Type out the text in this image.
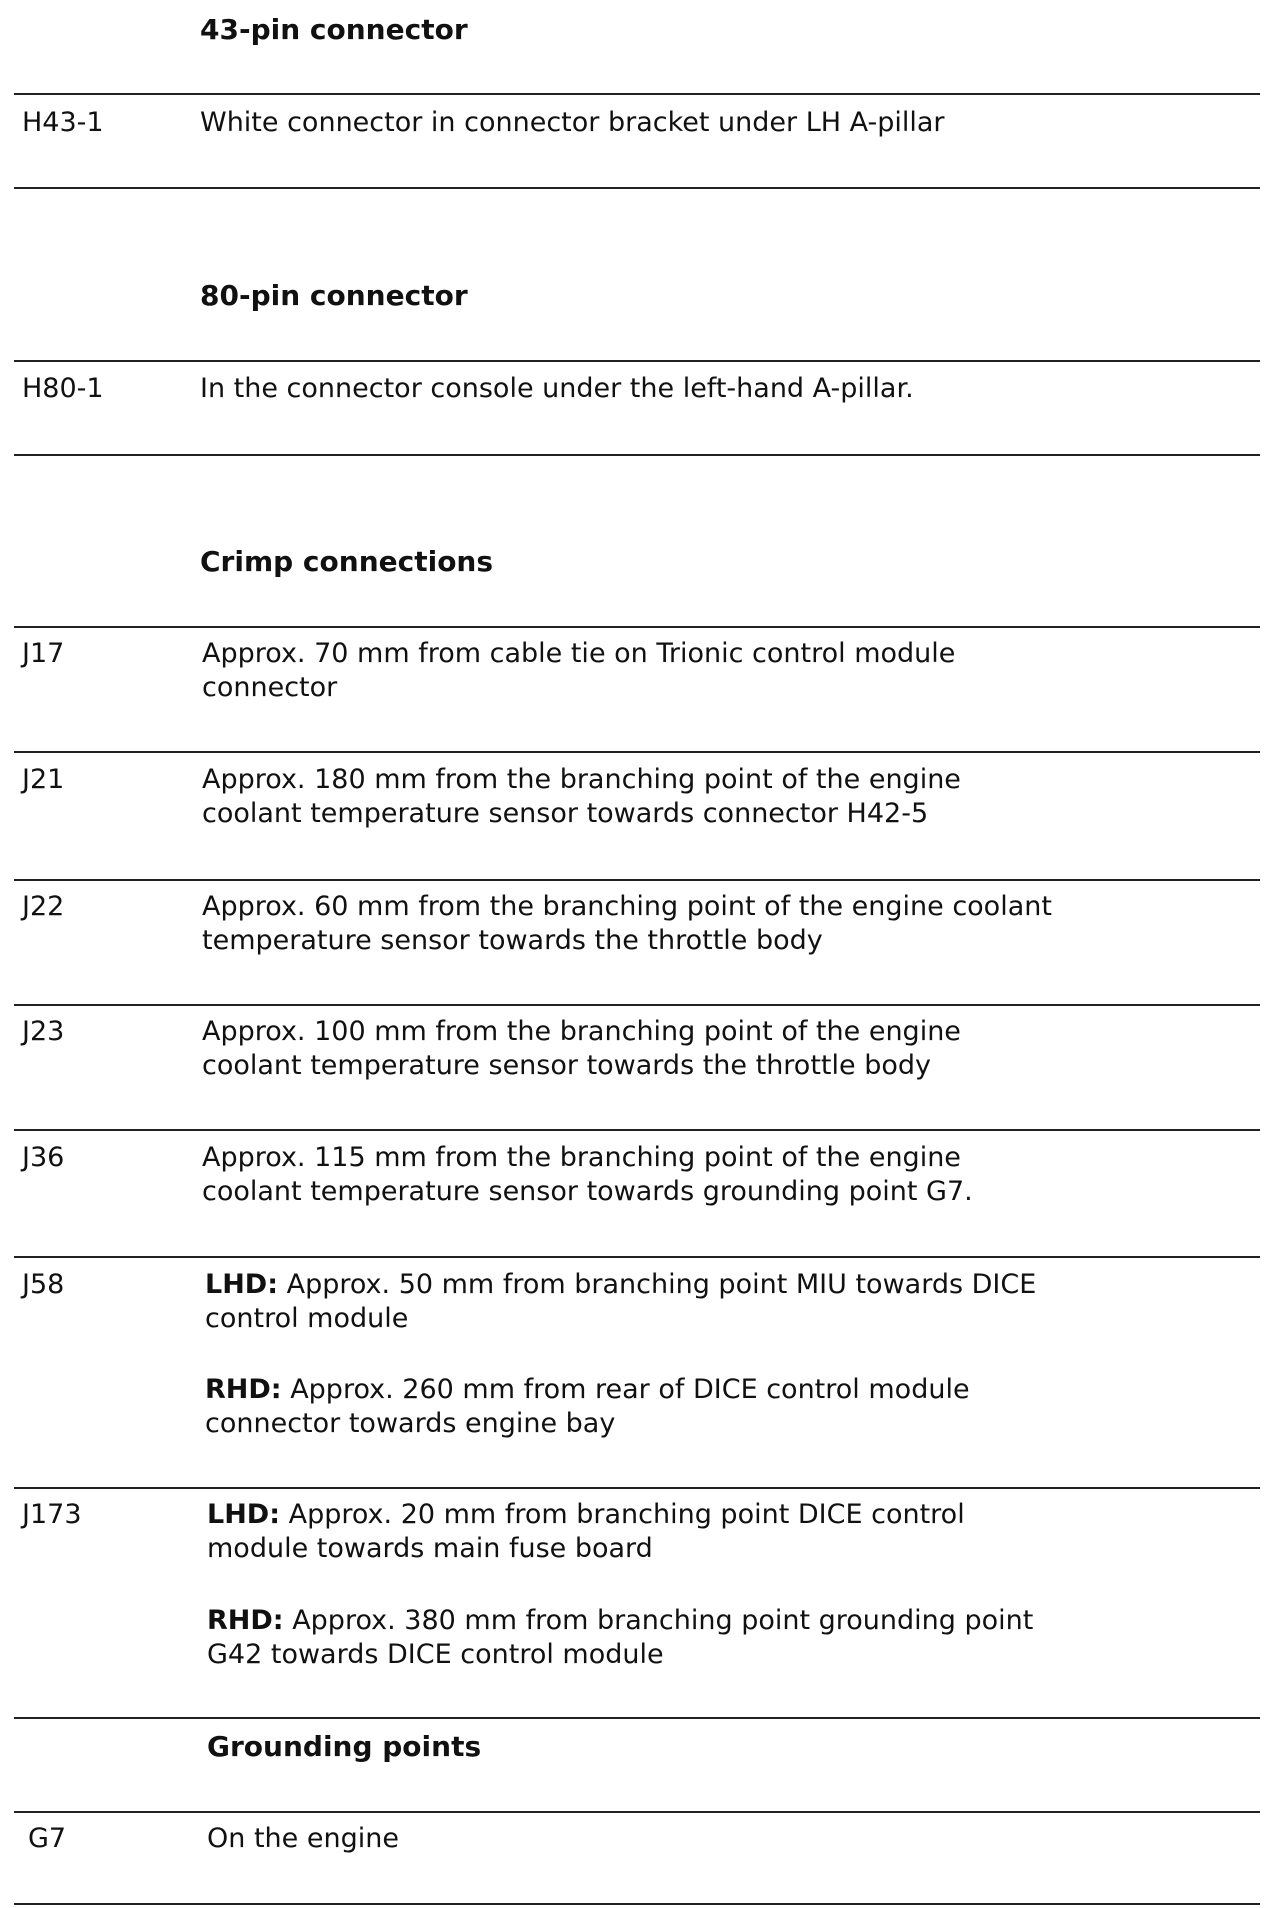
43-pin connector
H43-1	White connector in connector bracket under LH A-pillar
80-pin connector
H80-1	In the connector console under the left-hand A-pillar.
Crimp connections
J17	Approx. 70 mm from cable tie on Trionic control module
connector
J21	Approx. 180 mm from the branching point of the engine
coolant temperature sensor towards connector H42-5
J22	Approx. 60 mm from the branching point of the engine coolant
temperature sensor towards the throttle body
J23	Approx. 100 mm from the branching point of the engine
coolant temperature sensor towards the throttle body
J36	Approx. 115 mm from the branching point of the engine
coolant temperature sensor towards grounding point G7.
J58	LHD: Approx. 50 mm from branching point MIU towards DICE
control module
RHD: Approx. 260 mm from rear of DICE control module
connector towards engine bay
J173	LHD: Approx. 20 mm from branching point DICE control
module towards main fuse board
RHD: Approx. 380 mm from branching point grounding point
G42 towards DICE control module
Grounding points
G7	On the engine
